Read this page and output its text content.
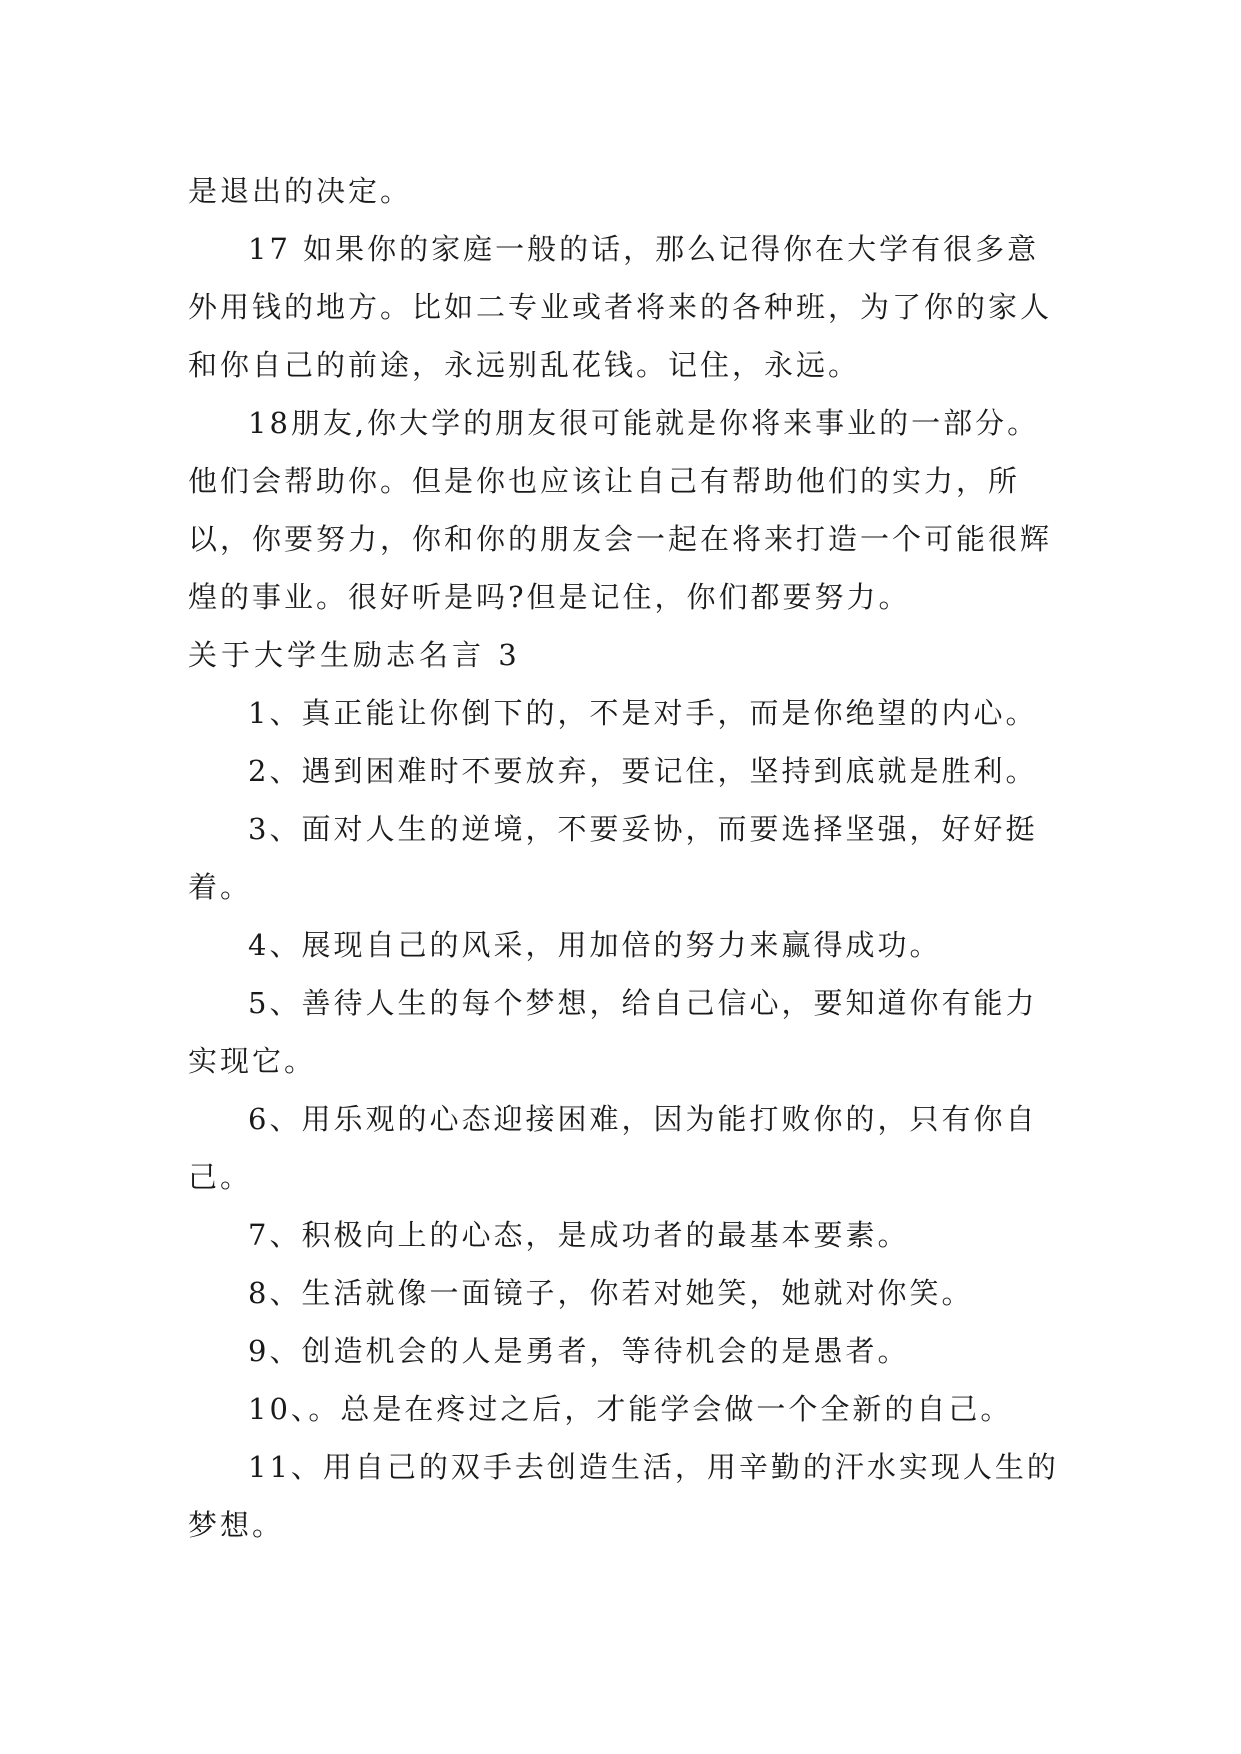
是退出的决定。

17 如果你的家庭一般的话，那么记得你在大学有很多意外用钱的地方。比如二专业或者将来的各种班，为了你的家人和你自己的前途，永远别乱花钱。记住，永远。

18朋友,你大学的朋友很可能就是你将来事业的一部分。他们会帮助你。但是你也应该让自己有帮助他们的实力，所以，你要努力，你和你的朋友会一起在将来打造一个可能很辉煌的事业。很好听是吗?但是记住，你们都要努力。

关于大学生励志名言 3

1、真正能让你倒下的，不是对手，而是你绝望的内心。

2、遇到困难时不要放弃，要记住，坚持到底就是胜利。

3、面对人生的逆境，不要妥协，而要选择坚强，好好挺着。

4、展现自己的风采，用加倍的努力来赢得成功。

5、善待人生的每个梦想，给自己信心，要知道你有能力实现它。

6、用乐观的心态迎接困难，因为能打败你的，只有你自己。

7、积极向上的心态，是成功者的最基本要素。

8、生活就像一面镜子，你若对她笑，她就对你笑。

9、创造机会的人是勇者，等待机会的是愚者。

10、。总是在疼过之后，才能学会做一个全新的自己。

11、用自己的双手去创造生活，用辛勤的汗水实现人生的梦想。
